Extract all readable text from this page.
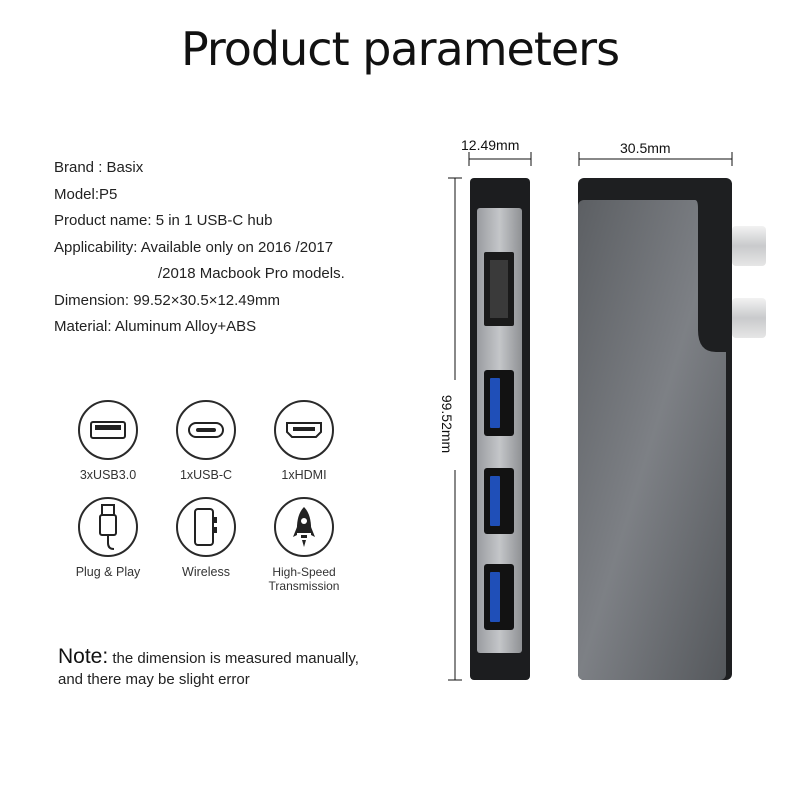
Product parameters
Brand : Basix
Model:P5
Product name: 5 in 1 USB-C hub
Applicability: Available only on 2016 /2017
/2018 Macbook Pro models.
Dimension: 99.52×30.5×12.49mm
Material: Aluminum Alloy+ABS
3xUSB3.0	1xUSB-C	1xHDMI
Plug & Play	Wireless	High-Speed
Transmission
Note: the dimension is measured manually,
and there may be slight error
12.49mm	30.5mm
99.52mm
